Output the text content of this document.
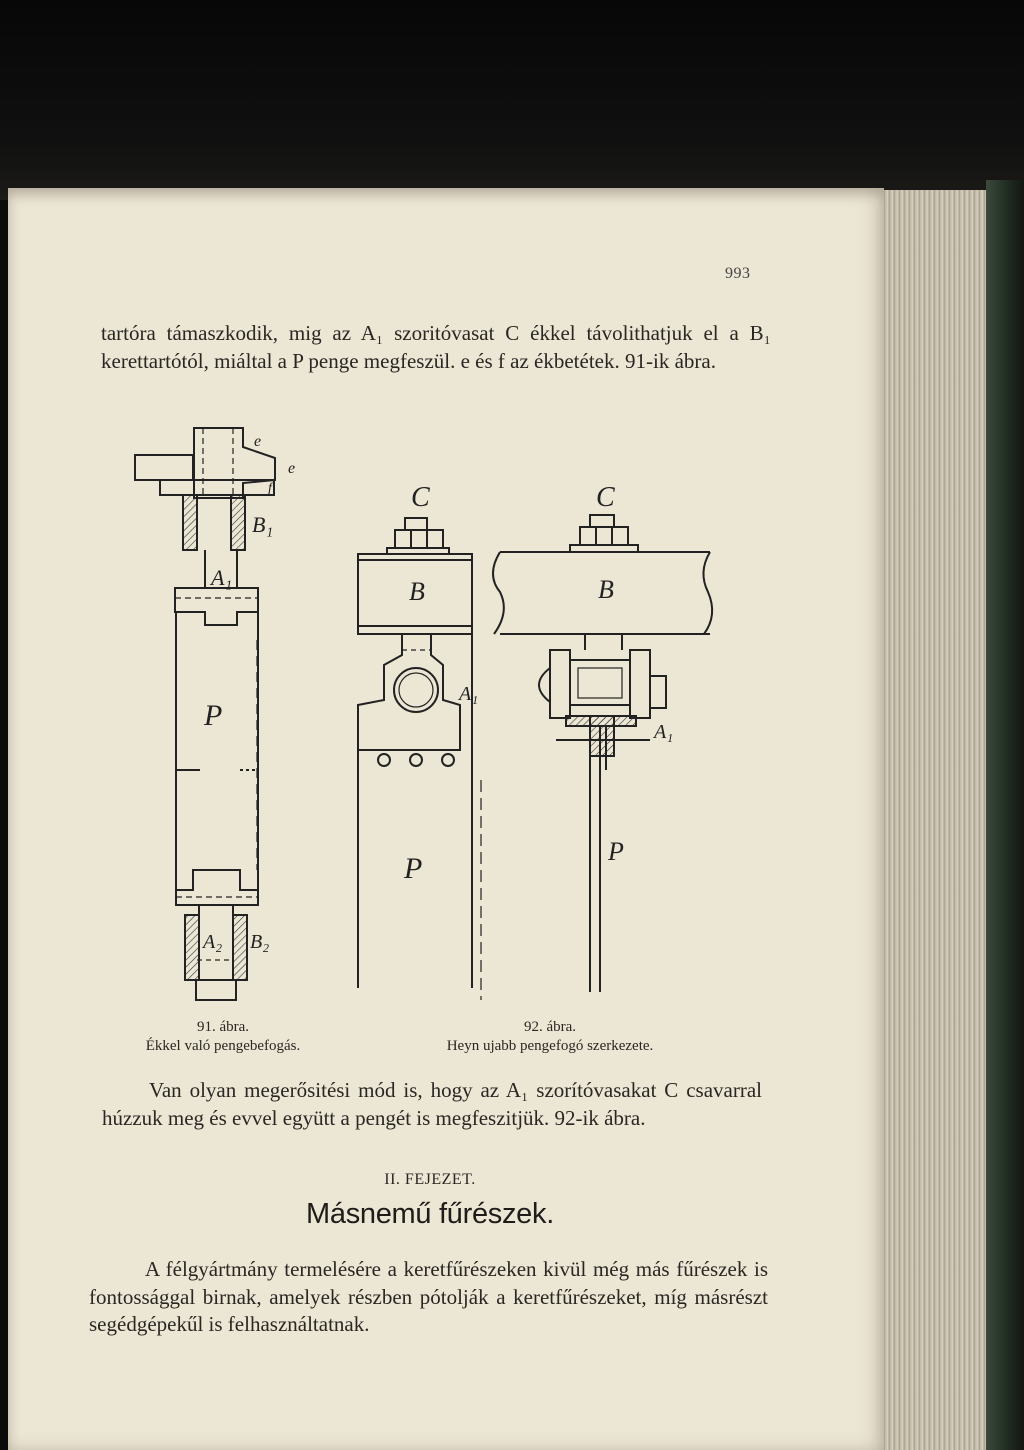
993
tartóra támaszkodik, mig az A₁ szoritóvasat C ékkel távolithatjuk el a B₁ kerettartótól, miáltal a P penge megfeszül. e és f az ékbetétek. 91-ik ábra.
e
e
f
B₁
A₁
P
A₂ B₂
C
B
A₁
P
C
B
A₁
P
91. ábra.
Ékkel való pengebefogás.
92. ábra.
Heyn ujabb pengefogó szerkezete.
Van olyan megerősitési mód is, hogy az A₁ szorítóvasakat C csavarral húzzuk meg és evvel együtt a pengét is megfeszitjük. 92-ik ábra.
II. FEJEZET.
Másnemű fűrészek.
A félgyártmány termelésére a keretfűrészeken kivül még más fűrészek is fontossággal birnak, amelyek részben pótolják a keretfűrészeket, míg másrészt segédgépekűl is felhasználtatnak.
